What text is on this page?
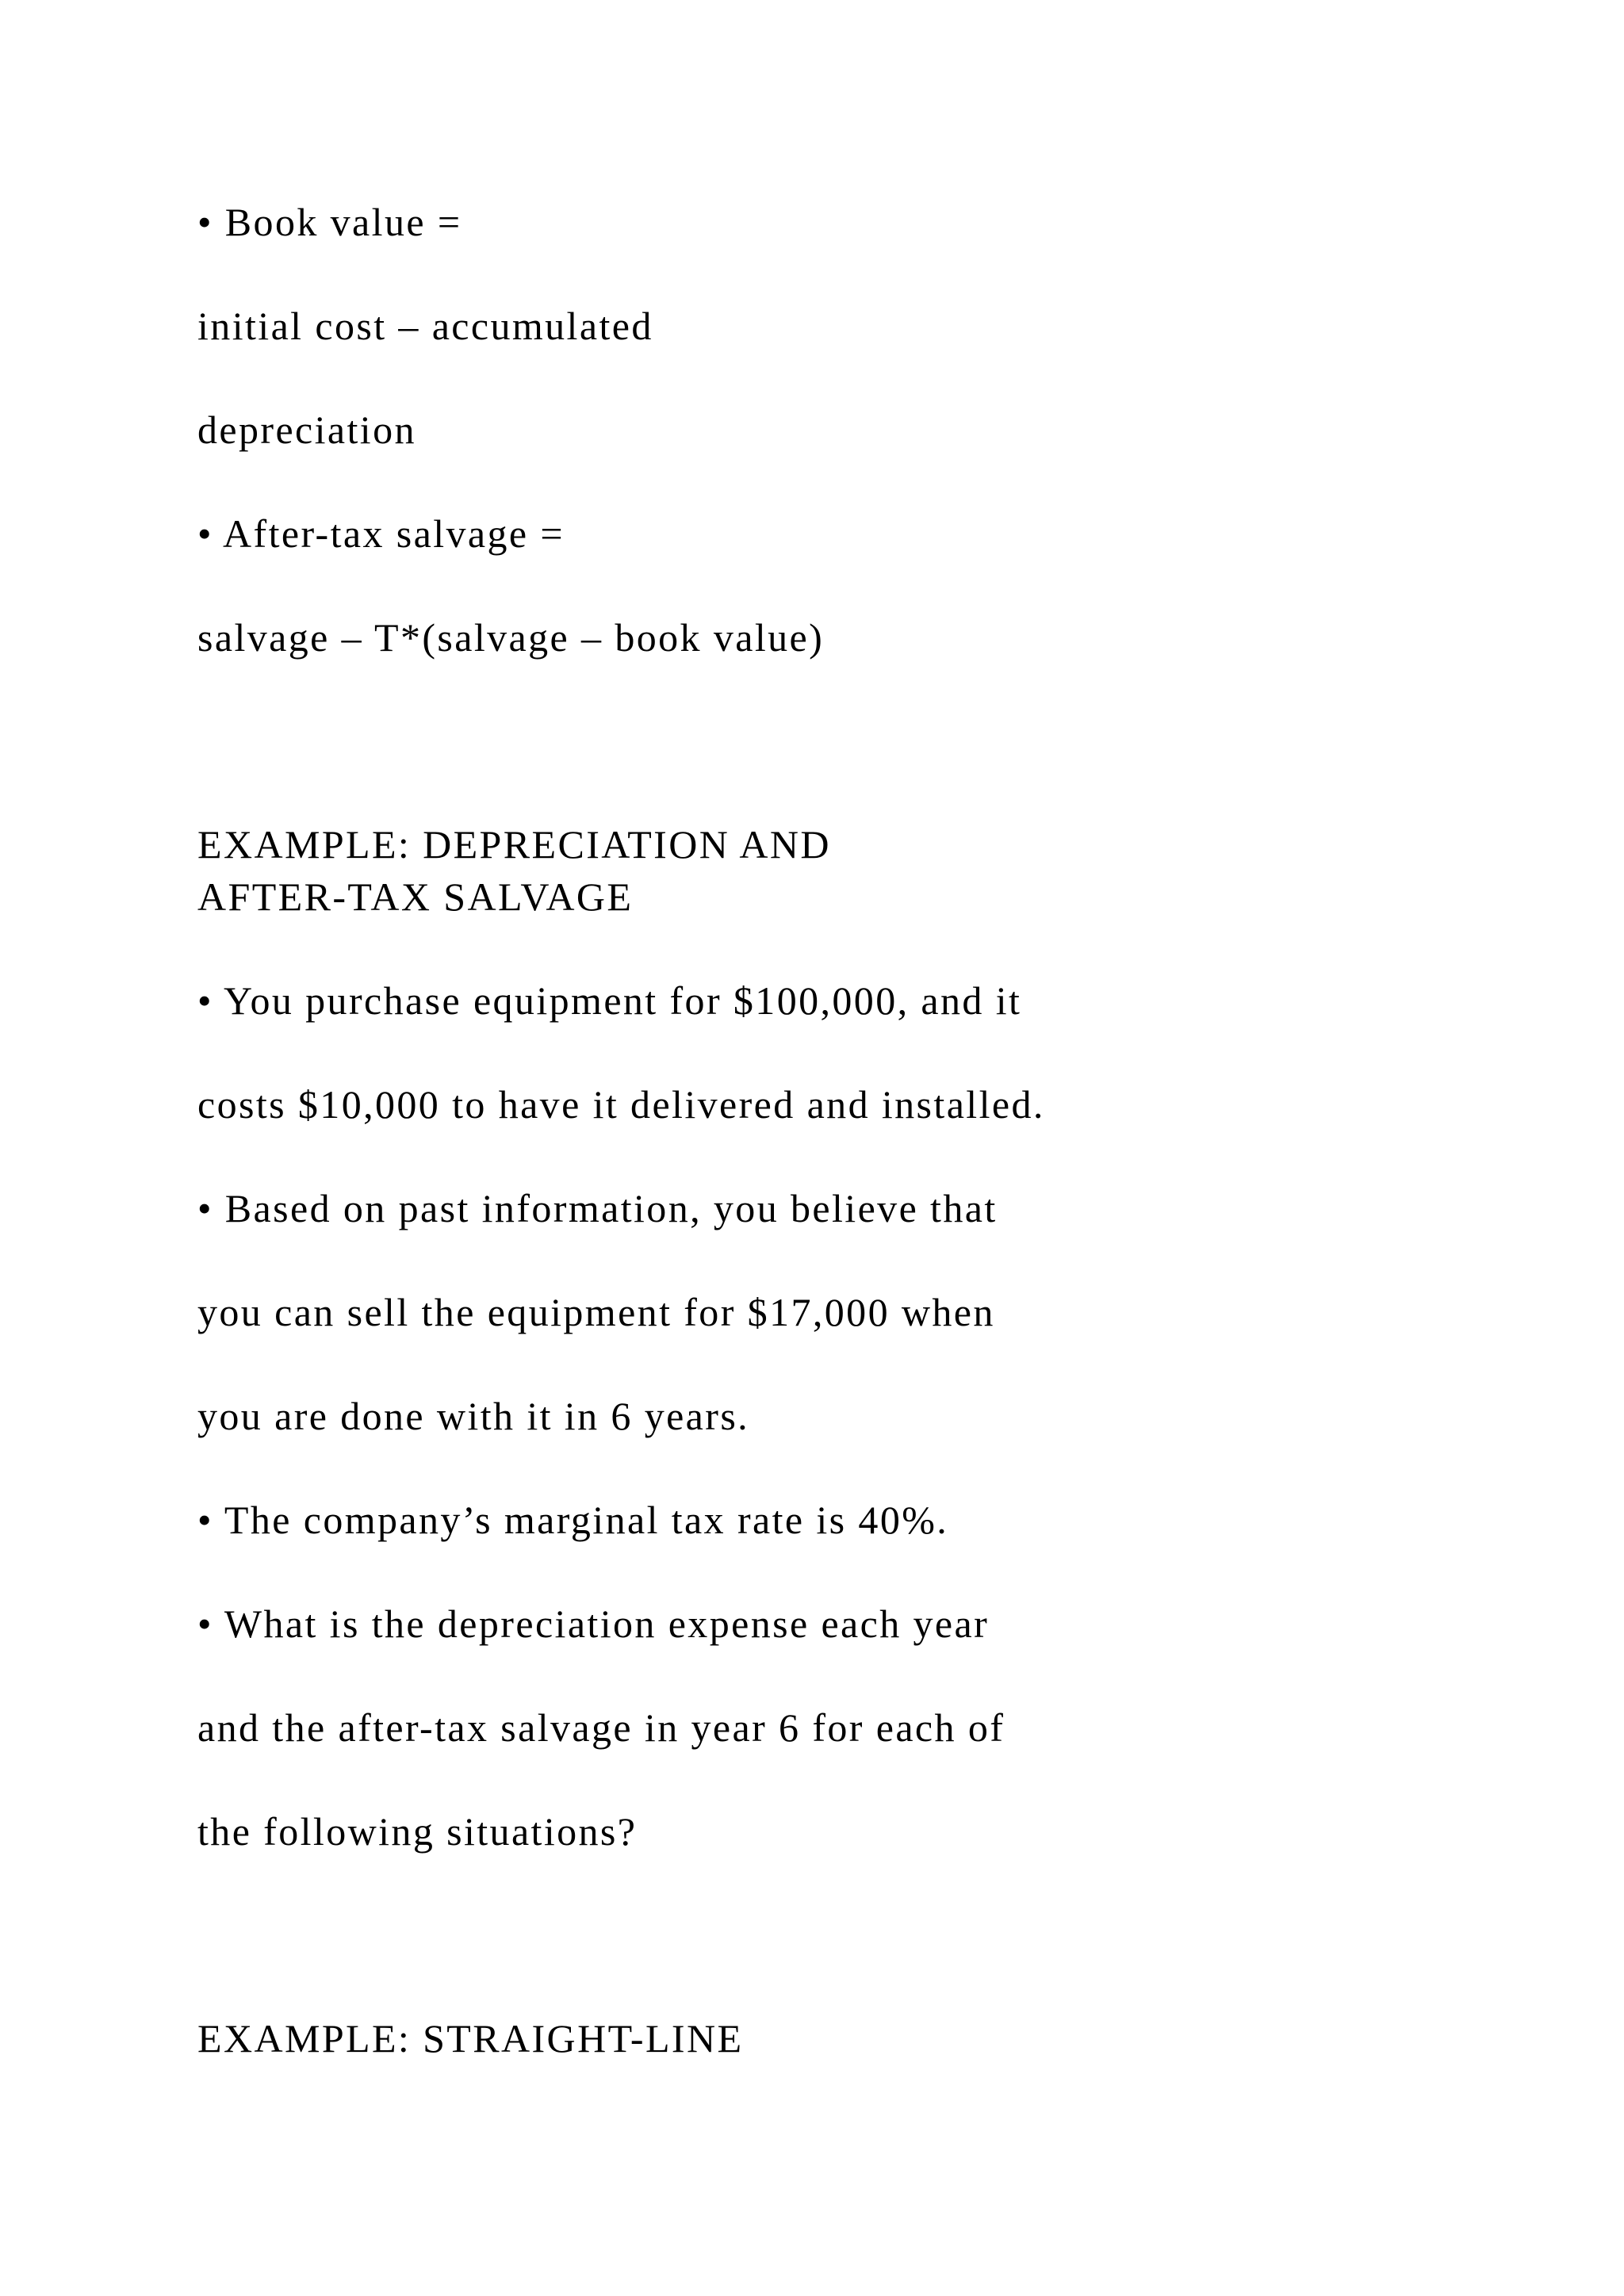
• Book value =
initial cost – accumulated
depreciation
• After-tax salvage =
salvage – T*(salvage – book value)
EXAMPLE: DEPRECIATION AND
AFTER-TAX SALVAGE
• You purchase equipment for $100,000, and it
costs $10,000 to have it delivered and installed.
• Based on past information, you believe that
you can sell the equipment for $17,000 when
you are done with it in 6 years.
• The company’s marginal tax rate is 40%.
• What is the depreciation expense each year
and the after-tax salvage in year 6 for each of
the following situations?
EXAMPLE: STRAIGHT-LINE
